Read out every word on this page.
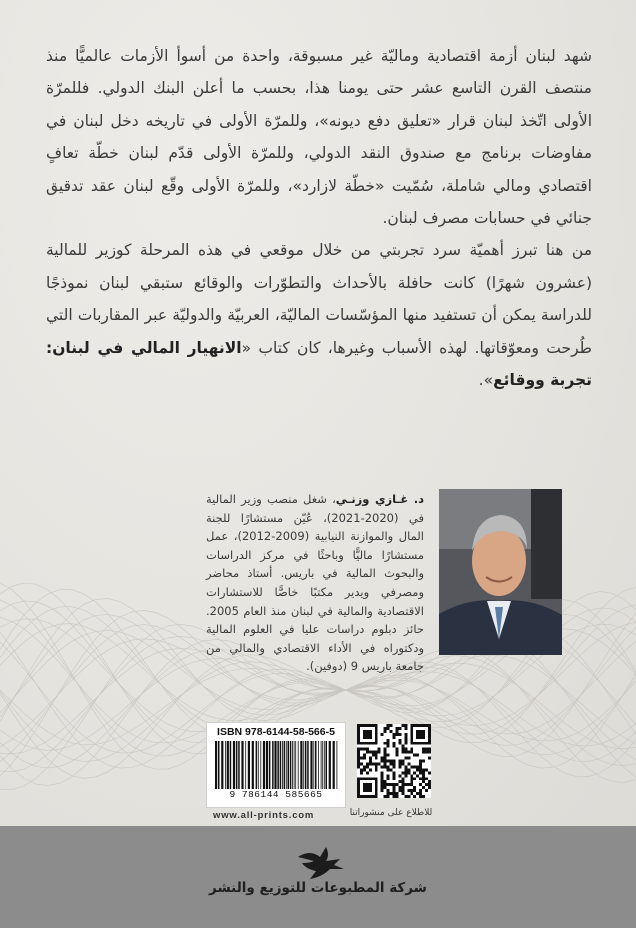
شهد لبنان أزمة اقتصادية وماليّة غير مسبوقة، واحدة من أسوأ الأزمات عالميًّا منذ منتصف القرن التاسع عشر حتى يومنا هذا، بحسب ما أعلن البنك الدولي. فللمرّة الأولى اتّخذ لبنان قرار «تعليق دفع ديونه»، وللمرّة الأولى في تاريخه دخل لبنان في مفاوضات برنامج مع صندوق النقد الدولي، وللمرّة الأولى قدّم لبنان خطّة تعافٍ اقتصادي ومالي شاملة، سُمّيت «خطّة لازارد»، وللمرّة الأولى وقّع لبنان عقد تدقيق جنائي في حسابات مصرف لبنان.

من هنا تبرز أهميّة سرد تجربتي من خلال موقعي في هذه المرحلة كوزير للمالية (عشرون شهرًا) كانت حافلة بالأحداث والتطوّرات والوقائع ستبقي لبنان نموذجًا للدراسة يمكن أن تستفيد منها المؤسّسات الماليّة، العربيّة والدوليّة عبر المقاربات التي طُرحت ومعوّقاتها. لهذه الأسباب وغيرها، كان كتاب «الانهيار المالي في لبنان: تجربة ووقائع».

د. غـازي وزنـي، شغل منصب وزير المالية في (2020-2021)، عُيّن مستشارًا للجنة المال والموازنة النيابية (2009-2012)، عمل مستشارًا ماليًّا وباحثًا في مركز الدراسات والبحوث المالية في باريس. أستاذ محاضر ومصرفي ويدير مكتبًا خاصًّا للاستشارات الاقتصادية والمالية في لبنان منذ العام 2005. حائز دبلوم دراسات عليا في العلوم المالية ودكتوراه في الأداء الاقتصادي والمالي من جامعة باريس 9 (دوفين).
ISBN 978-6144-58-566-5
9 786144 585665
www.all-prints.com	للاطلاع على منشوراتنا
شركة المطبوعات للتوزيع والنشر
